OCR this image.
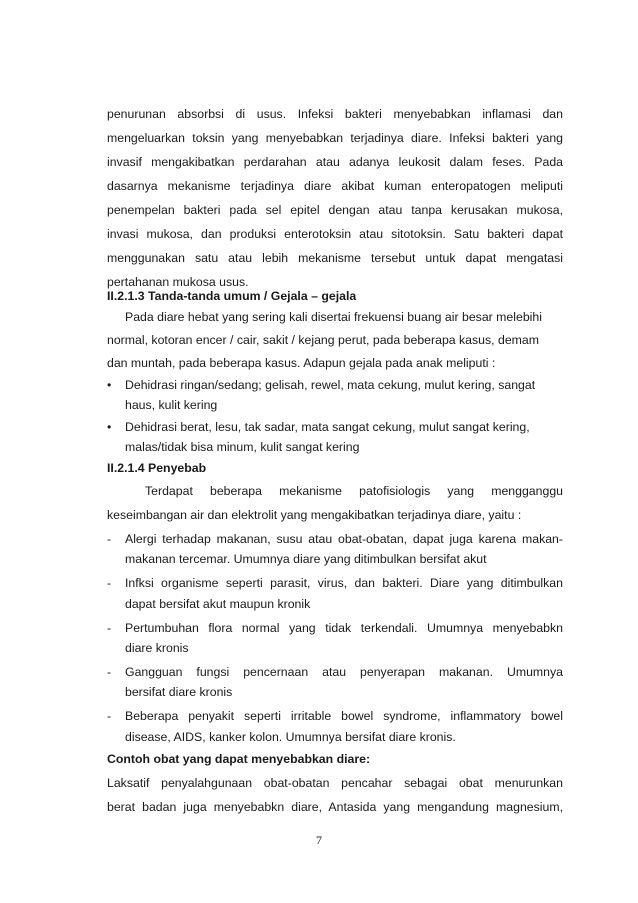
penurunan absorbsi di usus. Infeksi bakteri menyebabkan inflamasi dan
mengeluarkan toksin yang menyebabkan terjadinya diare. Infeksi bakteri yang
invasif mengakibatkan perdarahan atau adanya leukosit dalam feses. Pada
dasarnya mekanisme terjadinya diare akibat kuman enteropatogen meliputi
penempelan bakteri pada sel epitel dengan atau tanpa kerusakan mukosa,
invasi mukosa, dan produksi enterotoksin atau sitotoksin. Satu bakteri dapat
menggunakan satu atau lebih mekanisme tersebut untuk dapat mengatasi
pertahanan mukosa usus.
II.2.1.3 Tanda-tanda umum / Gejala – gejala
Pada diare hebat yang sering kali disertai frekuensi buang air besar melebihi
normal, kotoran encer / cair, sakit / kejang perut, pada beberapa kasus, demam
dan muntah, pada beberapa kasus. Adapun gejala pada anak meliputi :
• Dehidrasi ringan/sedang; gelisah, rewel, mata cekung, mulut kering, sangat
haus, kulit kering
• Dehidrasi berat, lesu, tak sadar, mata sangat cekung, mulut sangat kering,
malas/tidak bisa minum, kulit sangat kering
II.2.1.4 Penyebab
Terdapat beberapa mekanisme patofisiologis yang mengganggu
keseimbangan air dan elektrolit yang mengakibatkan terjadinya diare, yaitu :
- Alergi terhadap makanan, susu atau obat-obatan, dapat juga karena makan-
makanan tercemar. Umumnya diare yang ditimbulkan bersifat akut
- Infksi organisme seperti parasit, virus, dan bakteri. Diare yang ditimbulkan
dapat bersifat akut maupun kronik
- Pertumbuhan flora normal yang tidak terkendali. Umumnya menyebabkn
diare kronis
- Gangguan fungsi pencernaan atau penyerapan makanan. Umumnya
bersifat diare kronis
- Beberapa penyakit seperti irritable bowel syndrome, inflammatory bowel
disease, AIDS, kanker kolon. Umumnya bersifat diare kronis.
Contoh obat yang dapat menyebabkan diare:
Laksatif penyalahgunaan obat-obatan pencahar sebagai obat menurunkan
berat badan juga menyebabkn diare, Antasida yang mengandung magnesium,
7
